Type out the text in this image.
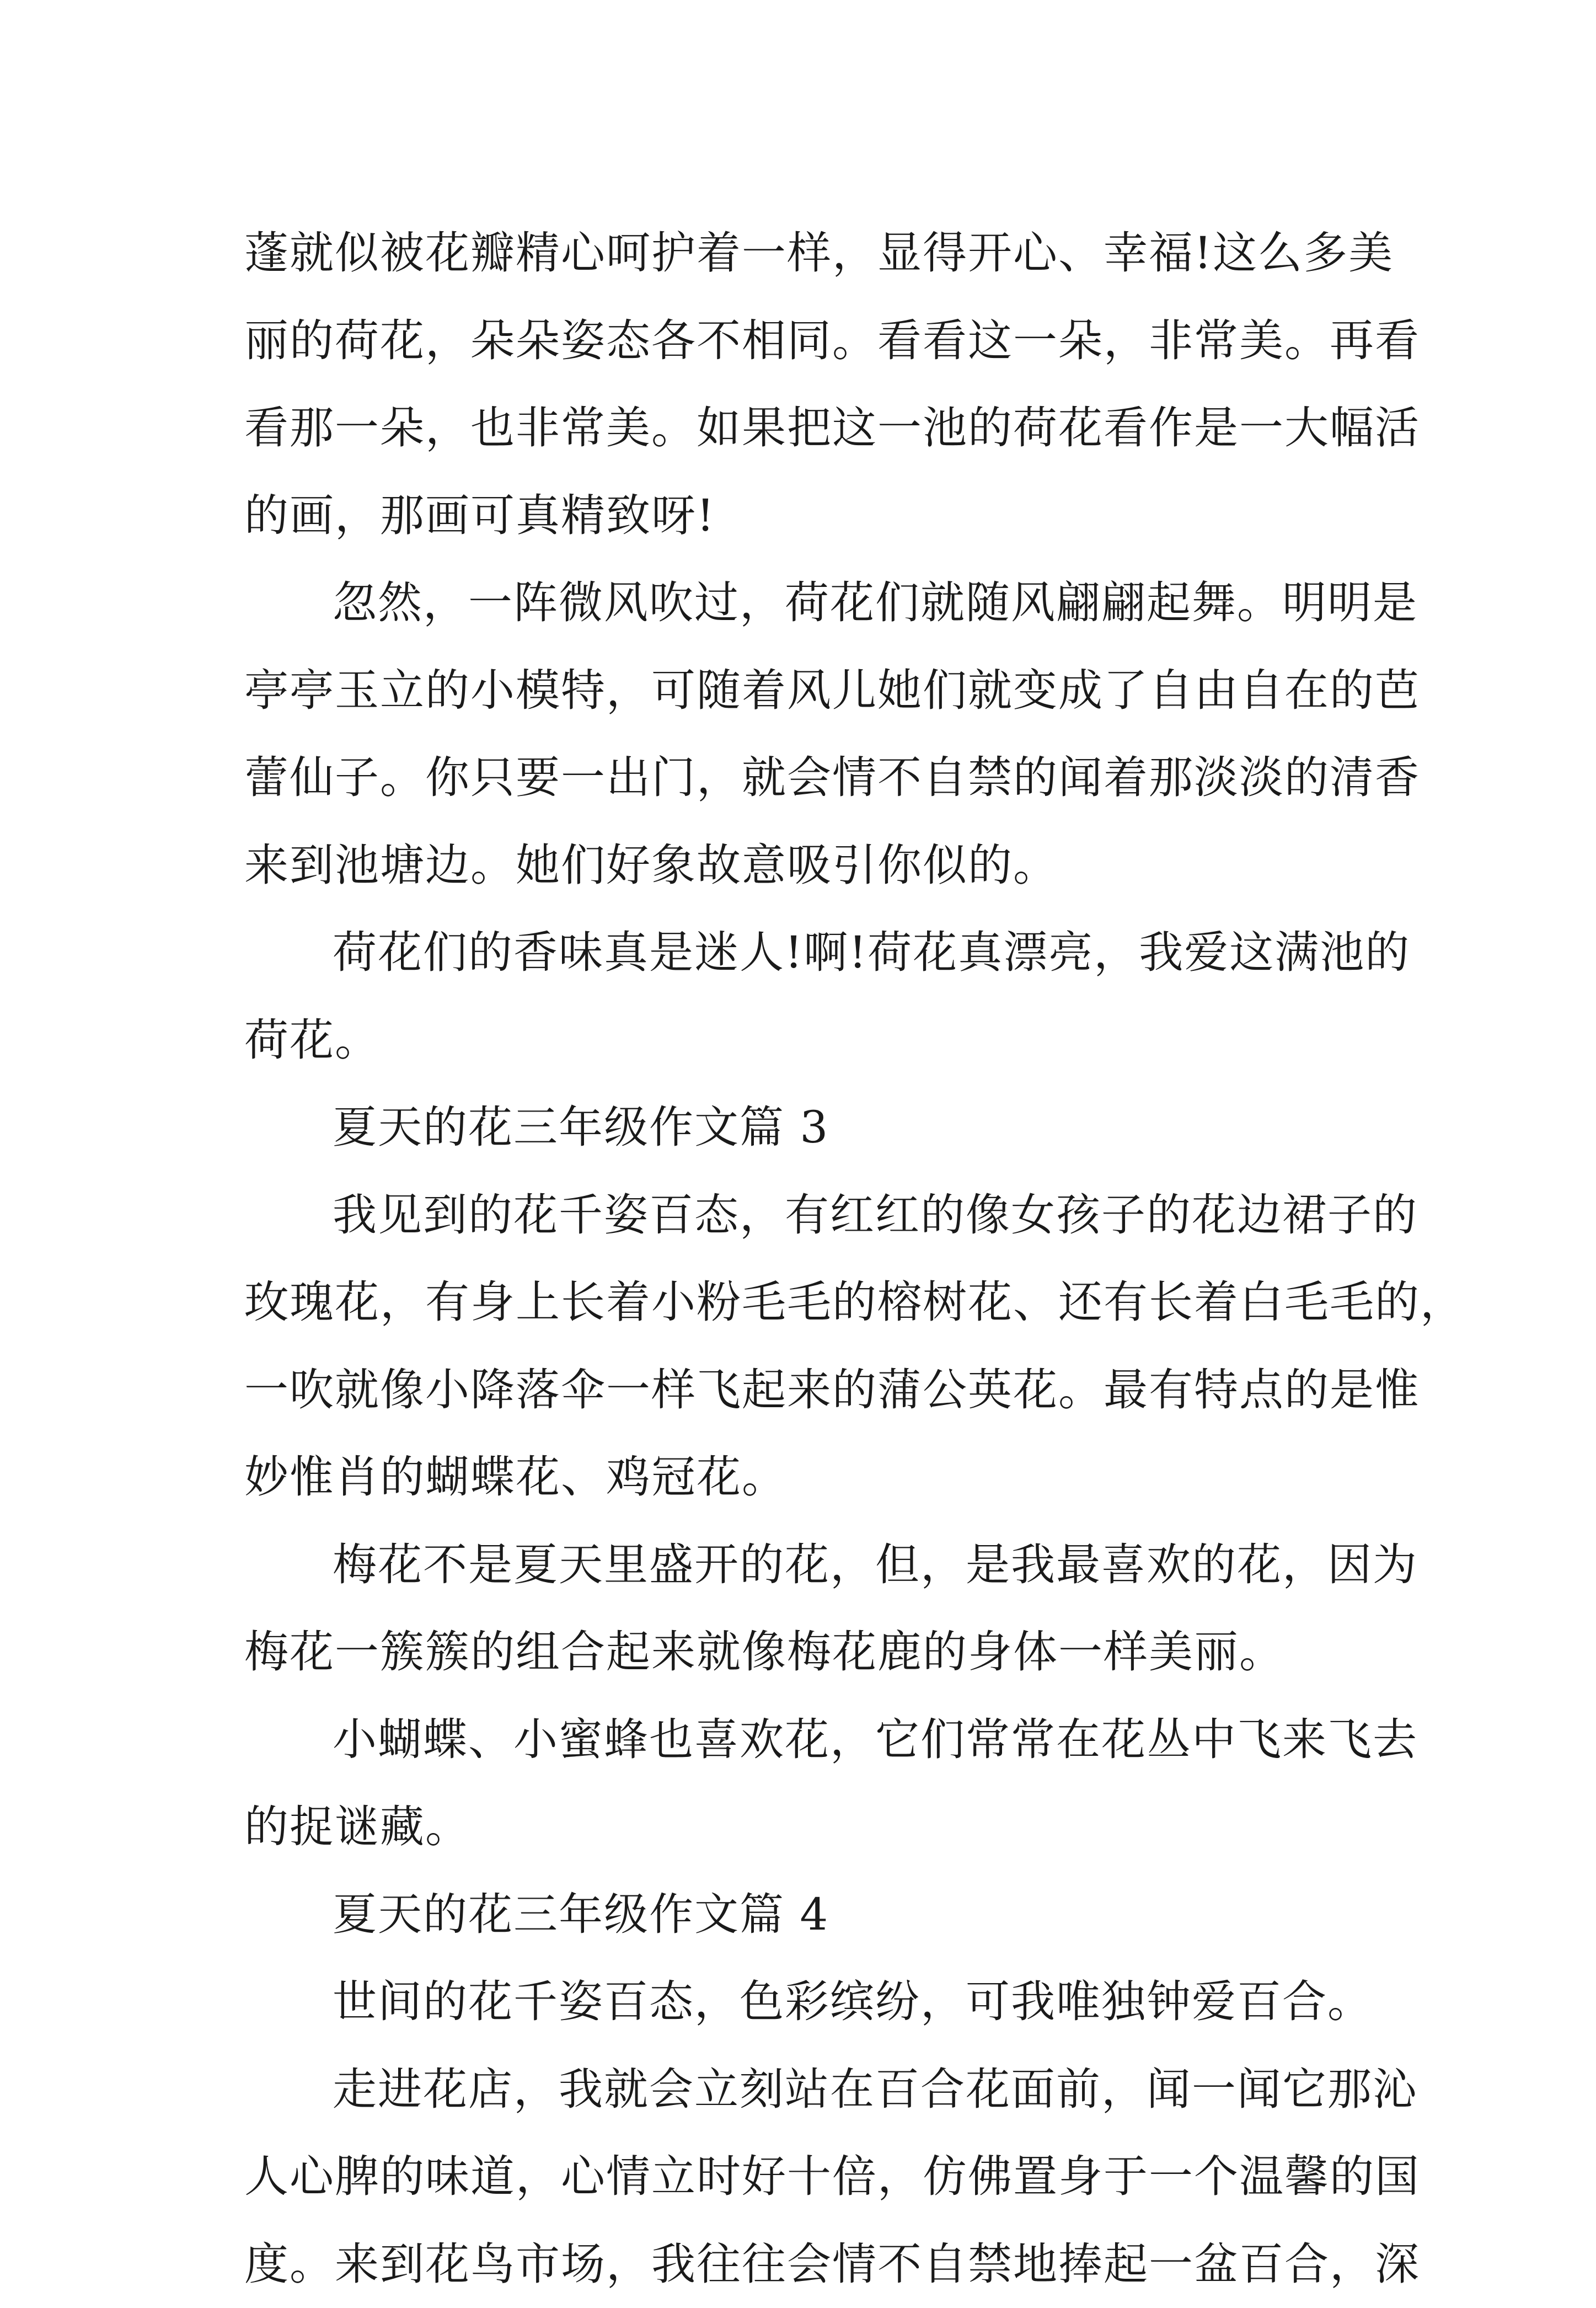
蓬就似被花瓣精心呵护着一样，显得开心、幸福!这么多美
丽的荷花，朵朵姿态各不相同。看看这一朵，非常美。再看
看那一朵，也非常美。如果把这一池的荷花看作是一大幅活
的画，那画可真精致呀!
忽然，一阵微风吹过，荷花们就随风翩翩起舞。明明是
亭亭玉立的小模特，可随着风儿她们就变成了自由自在的芭
蕾仙子。你只要一出门，就会情不自禁的闻着那淡淡的清香
来到池塘边。她们好象故意吸引你似的。
荷花们的香味真是迷人!啊!荷花真漂亮，我爱这满池的
荷花。
夏天的花三年级作文篇 3
我见到的花千姿百态，有红红的像女孩子的花边裙子的
玫瑰花，有身上长着小粉毛毛的榕树花、还有长着白毛毛的，
一吹就像小降落伞一样飞起来的蒲公英花。最有特点的是惟
妙惟肖的蝴蝶花、鸡冠花。
梅花不是夏天里盛开的花，但，是我最喜欢的花，因为
梅花一簇簇的组合起来就像梅花鹿的身体一样美丽。
小蝴蝶、小蜜蜂也喜欢花，它们常常在花丛中飞来飞去
的捉谜藏。
夏天的花三年级作文篇 4
世间的花千姿百态，色彩缤纷，可我唯独钟爱百合。
走进花店，我就会立刻站在百合花面前，闻一闻它那沁
人心脾的味道，心情立时好十倍，仿佛置身于一个温馨的国
度。来到花鸟市场，我往往会情不自禁地捧起一盆百合，深
